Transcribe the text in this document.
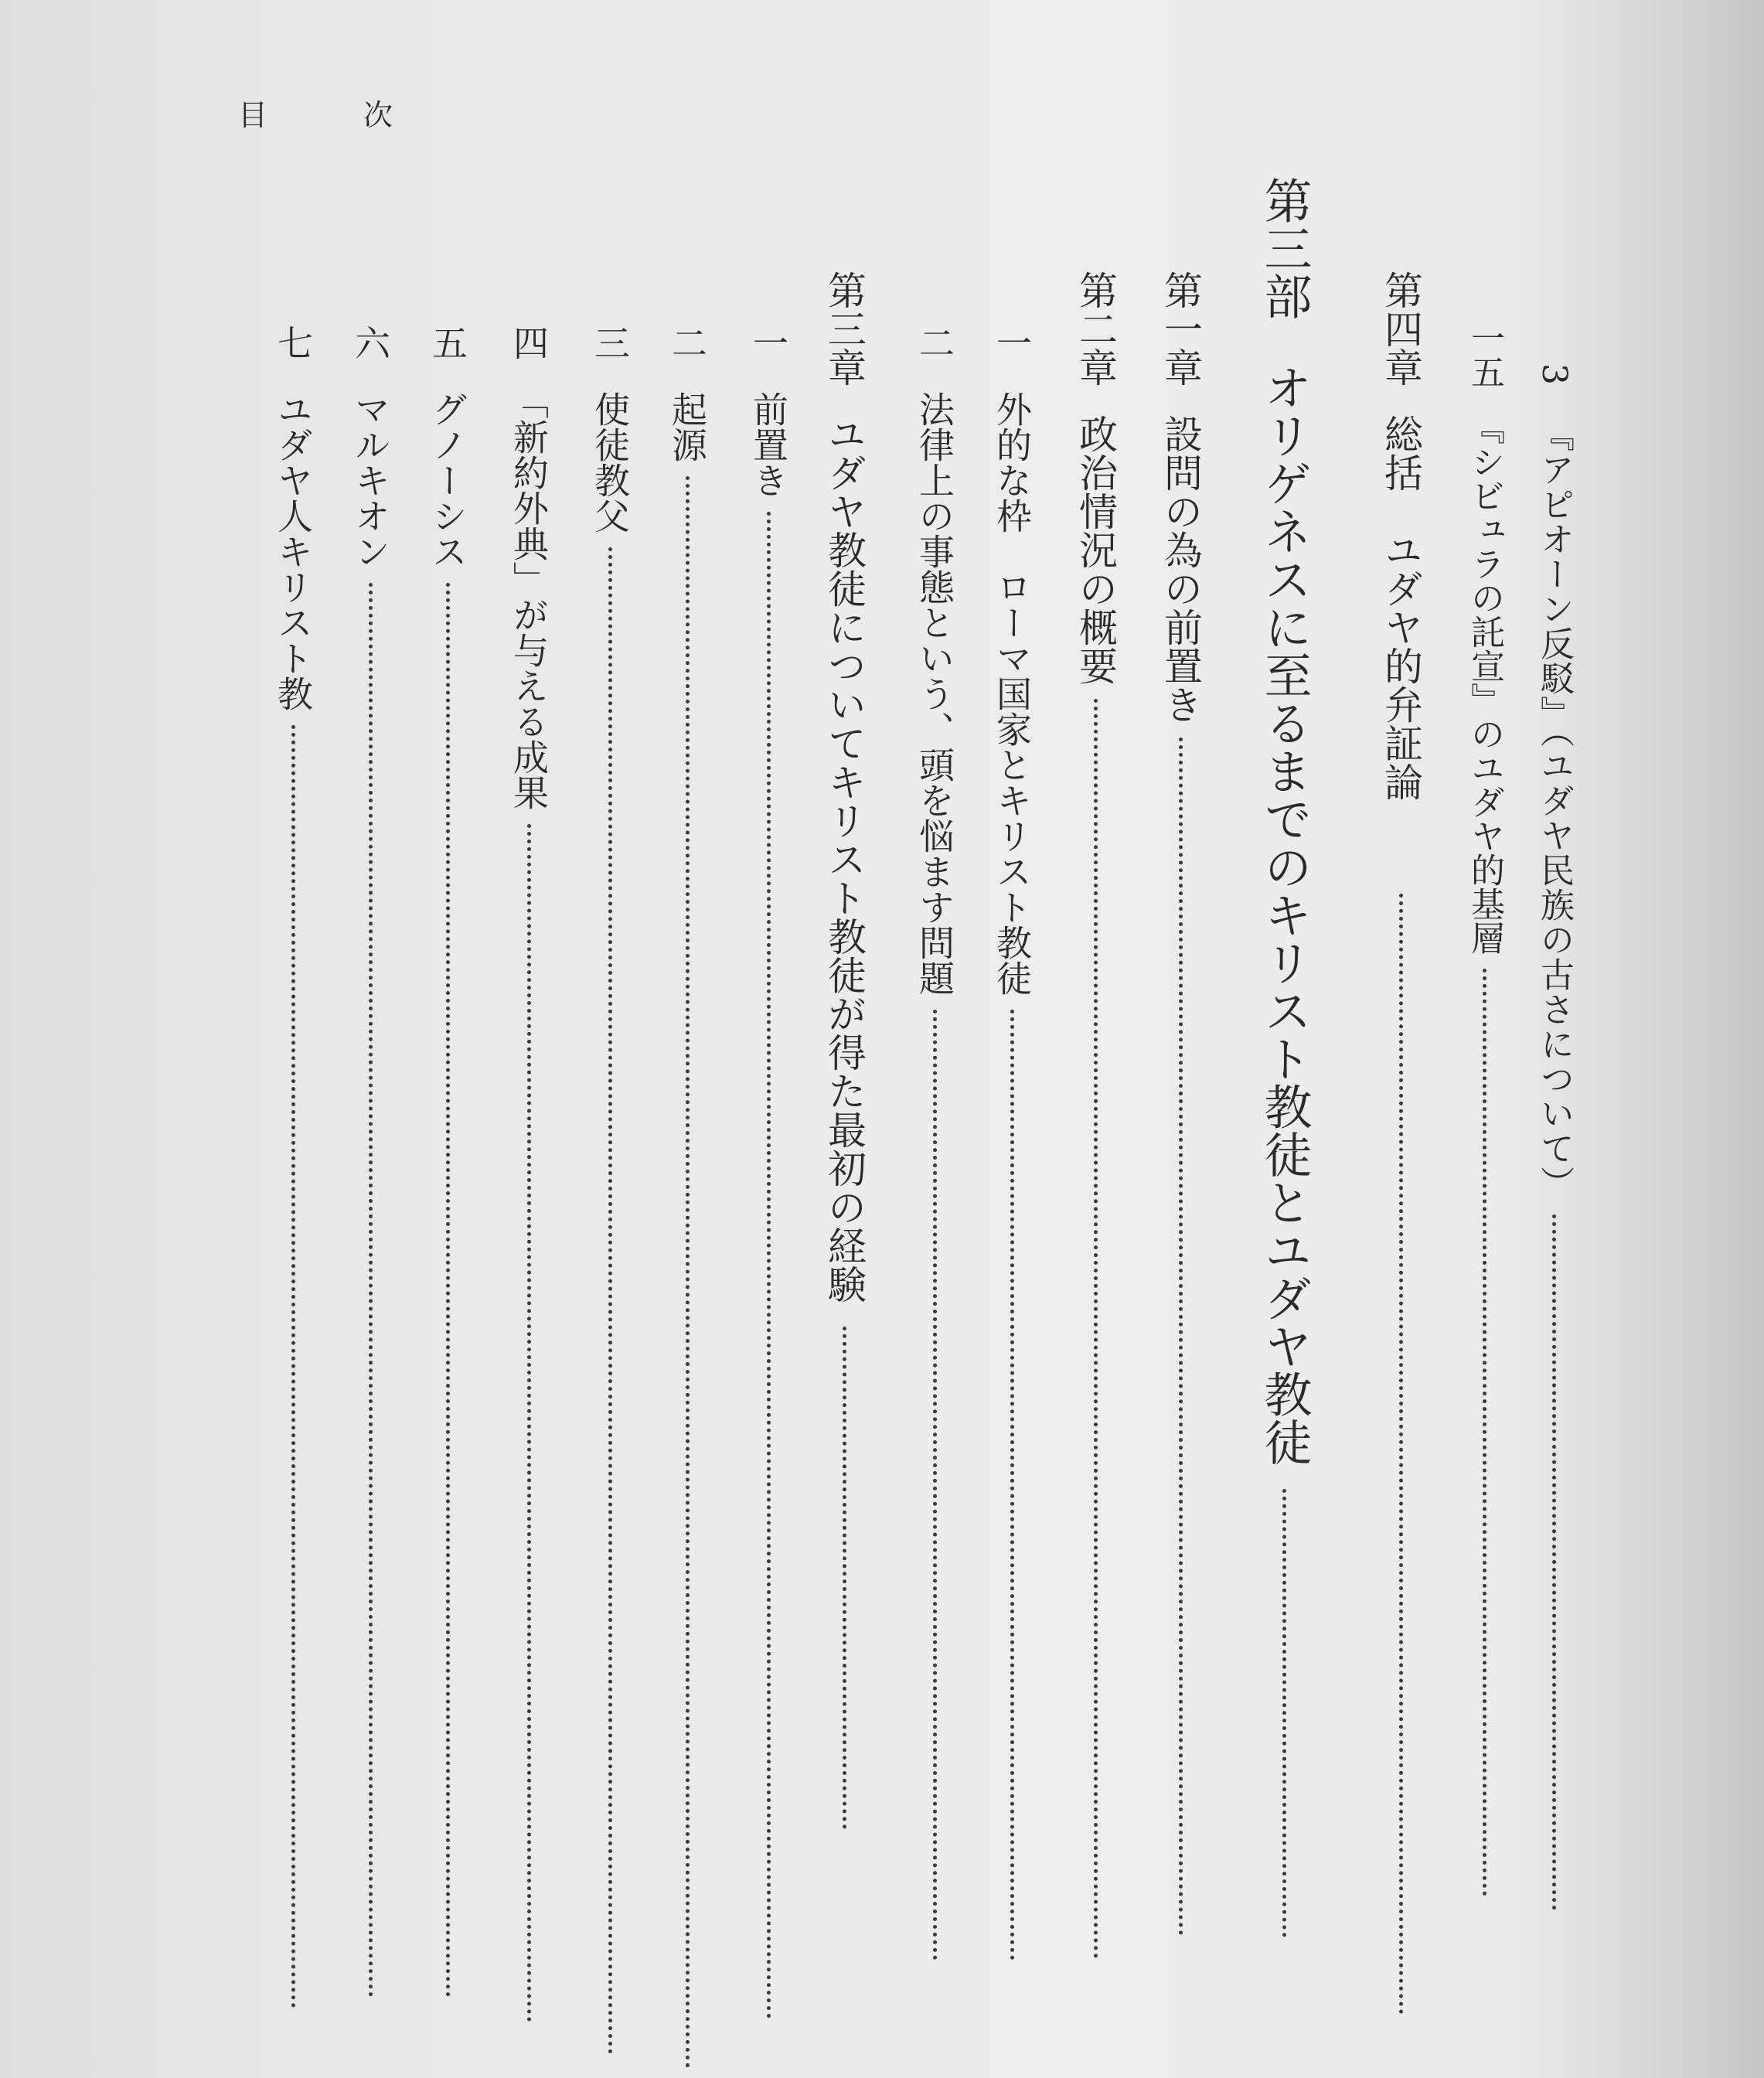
目	次
3
『アピオーン反駁』（ユダヤ民族の古さについて）
一五
『シビュラの託宣』のユダヤ的基層
第四章
総括　ユダヤ的弁証論
第三部
オリゲネスに至るまでのキリスト教徒とユダヤ教徒
第一章
設問の為の前置き
第二章
政治情況の概要
一
外的な枠　ローマ国家とキリスト教徒
二
法律上の事態という、頭を悩ます問題
第三章
ユダヤ教徒についてキリスト教徒が得た最初の経験
一
前置き
二
起源
三
使徒教父
四
「新約外典」が与える成果
五
グノーシス
六
マルキオン
七
ユダヤ人キリスト教
